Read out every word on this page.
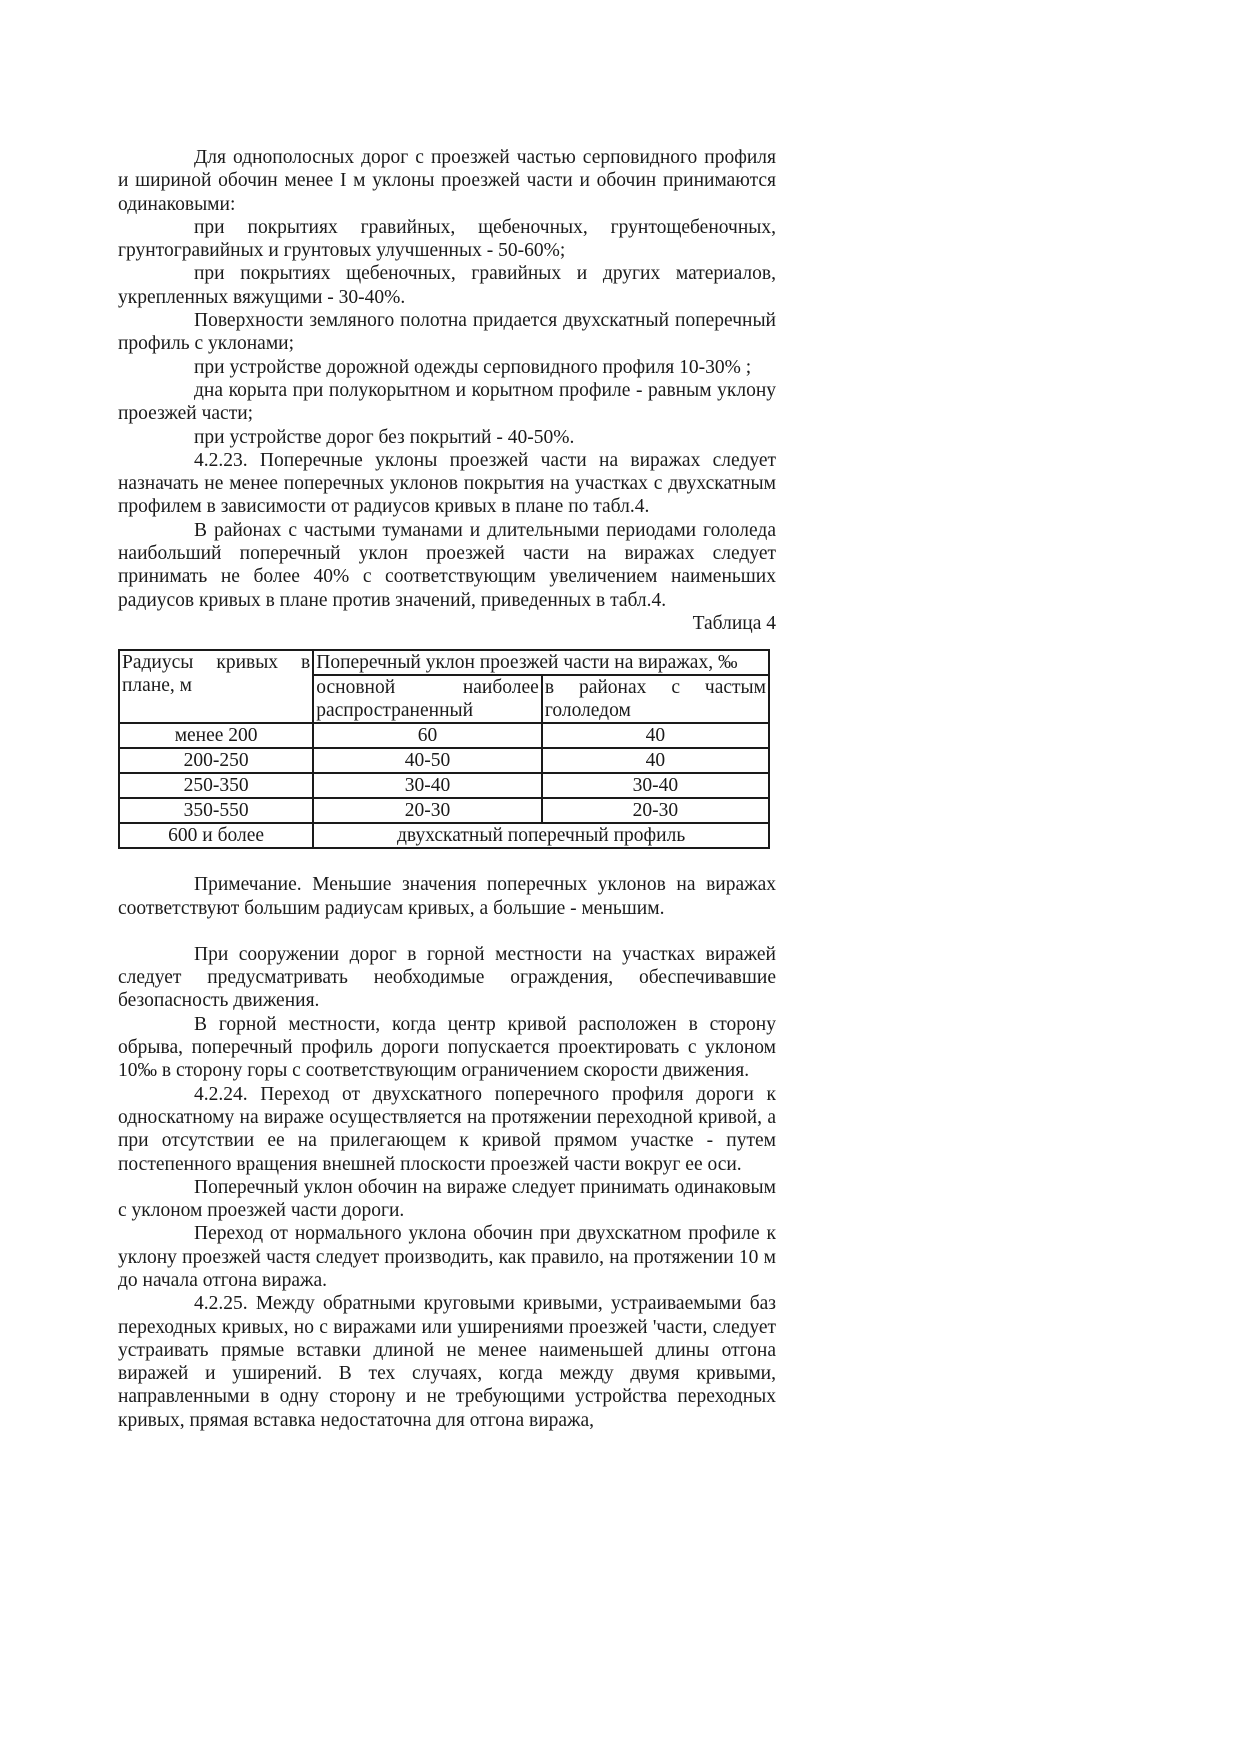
Для однополосных дорог с проезжей частью серповидного профиля и шириной обочин менее I м уклоны проезжей части и обочин принимаются одинаковыми:

при покрытиях гравийных, щебеночных, грунтощебеночных, грунтогравийных и грунтовых улучшенных - 50-60%;

при покрытиях щебеночных, гравийных и других материалов, укрепленных вяжущими - 30-40%.

Поверхности земляного полотна придается двухскатный поперечный профиль с уклонами;

при устройстве дорожной одежды серповидного профиля 10-30% ;

дна корыта при полукорытном и корытном профиле - равным уклону проезжей части;

при устройстве дорог без покрытий - 40-50%.

4.2.23. Поперечные уклоны проезжей части на виражах следует назначать не менее поперечных уклонов покрытия на участках с двухскатным профилем в зависимости от радиусов кривых в плане по табл.4.

В районах с частыми туманами и длительными периодами гололеда наибольший поперечный уклон проезжей части на виражах следует принимать не более 40% с соответствующим увеличением наименьших радиусов кривых в плане против значений, приведенных в табл.4.

Таблица 4

Радиусы кривых в плане, м	Поперечный уклон проезжей части на виражах, ‰	
	основной наиболее распространенный	в районах с частым гололедом
менее 200	60	40
200-250	40-50	40
250-350	30-40	30-40
350-550	20-30	20-30
600 и более	двухскатный поперечный профиль	

Примечание. Меньшие значения поперечных уклонов на виражах соответствуют большим радиусам кривых, а большие - меньшим.

При сооружении дорог в горной местности на участках виражей следует предусматривать необходимые ограждения, обеспечивавшие безопасность движения.

В горной местности, когда центр кривой расположен в сторону обрыва, поперечный профиль дороги попускается проектировать с уклоном 10‰ в сторону горы с соответствующим ограничением скорости движения.

4.2.24. Переход от двухскатного поперечного профиля дороги к односкатному на вираже осуществляется на протяжении переходной кривой, а при отсутствии ее на прилегающем к кривой прямом участке - путем постепенного вращения внешней плоскости проезжей части вокруг ее оси.

Поперечный уклон обочин на вираже следует принимать одинаковым с уклоном проезжей части дороги.

Переход от нормального уклона обочин при двухскатном профиле к уклону проезжей частя следует производить, как правило, на протяжении 10 м до начала отгона виража.

4.2.25. Между обратными круговыми кривыми, устраиваемыми баз переходных кривых, но с виражами или уширениями проезжей 'части, следует устраивать прямые вставки длиной не менее наименьшей длины отгона виражей и уширений. В тех случаях, когда между двумя кривыми, направленными в одну сторону и не требующими устройства переходных кривых, прямая вставка недостаточна для отгона виража,
